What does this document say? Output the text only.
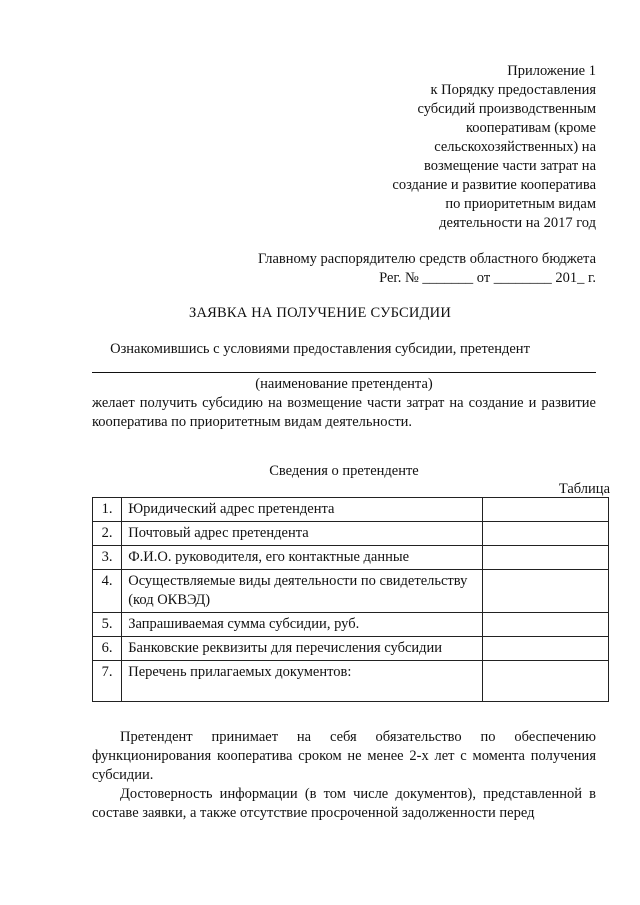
Приложение 1
к Порядку предоставления
субсидий производственным
кооперативам (кроме
сельскохозяйственных) на
возмещение части затрат на
создание и развитие кооператива
по приоритетным видам
деятельности на 2017 год
Главному распорядителю средств областного бюджета
Рег. № _______ от ________ 201_ г.
ЗАЯВКА НА ПОЛУЧЕНИЕ СУБСИДИИ
Ознакомившись с условиями предоставления субсидии, претендент
(наименование претендента)
желает получить субсидию на возмещение части затрат на создание и развитие кооператива по приоритетным видам деятельности.
Сведения о претенденте
Таблица
1.	Юридический адрес претендента	
2.	Почтовый адрес претендента	
3.	Ф.И.О. руководителя, его контактные данные	
4.	Осуществляемые виды деятельности по свидетельству (код ОКВЭД)	
5.	Запрашиваемая сумма субсидии, руб.	
6.	Банковские реквизиты для перечисления субсидии	
7.	Перечень прилагаемых документов:	
Претендент принимает на себя обязательство по обеспечению функционирования кооператива сроком не менее 2-х лет с момента получения субсидии.
Достоверность информации (в том числе документов), представленной в составе заявки, а также отсутствие просроченной задолженности перед
